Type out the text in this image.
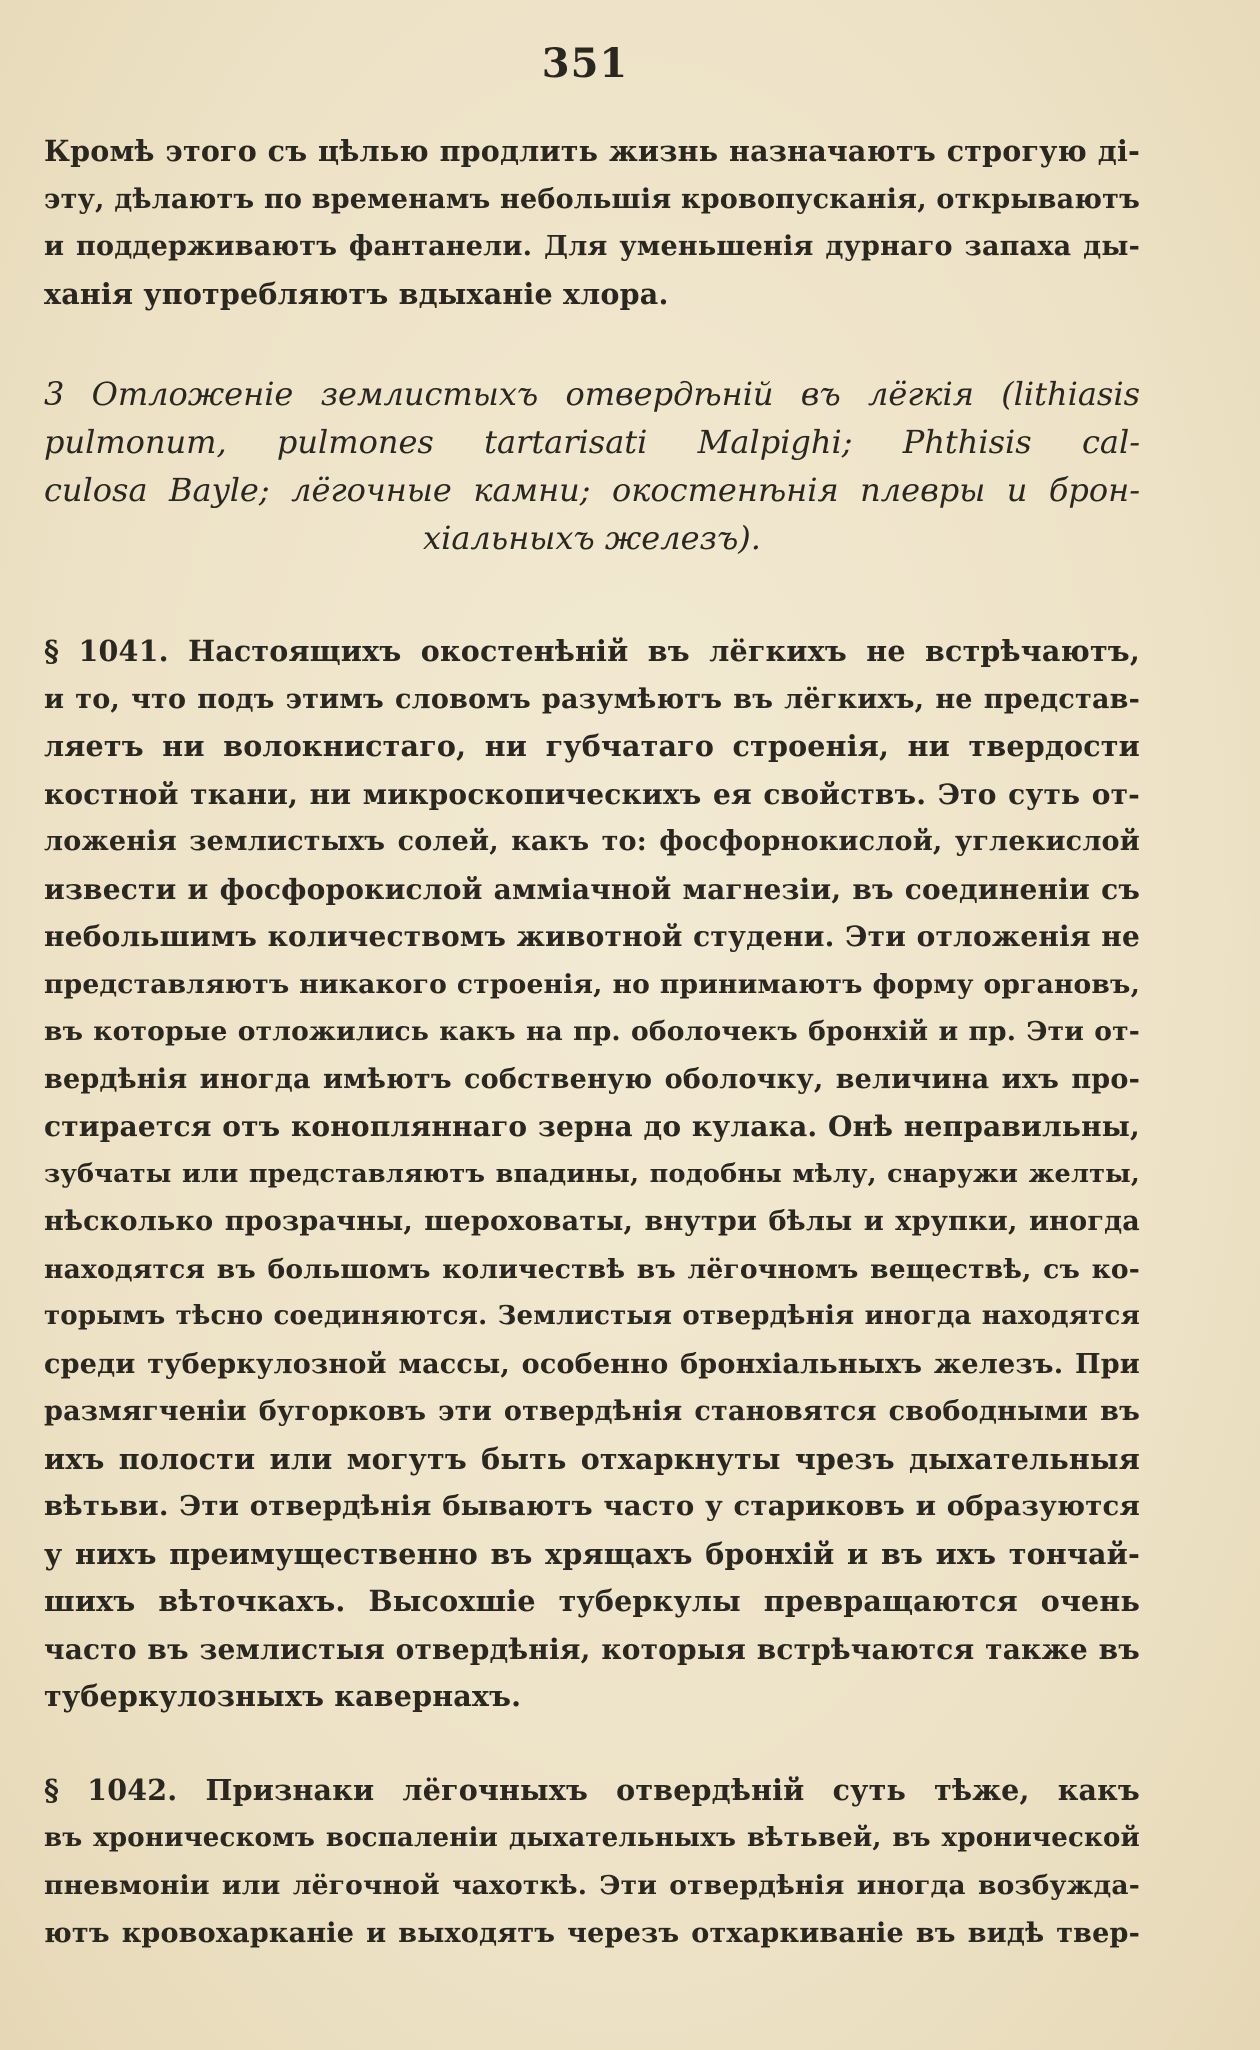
351
Кромѣ этого съ цѣлью продлить жизнь назначаютъ строгую ді-
эту, дѣлаютъ по временамъ небольшія кровопусканія, открываютъ
и поддерживаютъ фантанели. Для уменьшенія дурнаго запаха ды-
ханія употребляютъ вдыханіе хлора.
3 Отложеніе землистыхъ отвердѣній въ лёгкія (lithiasis
pulmonum, pulmones tartarisati Malpighi; Phthisis cal-
culosa Bayle; лёгочные камни; окостенѣнія плевры и брон-
хіальныхъ железъ).
§ 1041. Настоящихъ окостенѣній въ лёгкихъ не встрѣчаютъ,
и то, что подъ этимъ словомъ разумѣютъ въ лёгкихъ, не представ-
ляетъ ни волокнистаго, ни губчатаго строенія, ни твердости
костной ткани, ни микроскопическихъ ея свойствъ. Это суть от-
ложенія землистыхъ солей, какъ то: фосфорнокислой, углекислой
извести и фосфорокислой аммiачной магнезіи, въ соединеніи съ
небольшимъ количествомъ животной студени. Эти отложенія не
представляютъ никакого строенія, но принимаютъ форму органовъ,
въ которые отложились какъ на пр. оболочекъ бронхій и пр. Эти от-
вердѣнія иногда имѣютъ собственую оболочку, величина ихъ про-
стирается отъ конопляннаго зерна до кулака. Онѣ неправильны,
зубчаты или представляютъ впадины, подобны мѣлу, снаружи желты,
нѣсколько прозрачны, шероховаты, внутри бѣлы и хрупки, иногда
находятся въ большомъ количествѣ въ лёгочномъ веществѣ, съ ко-
торымъ тѣсно соединяются. Землистыя отвердѣнія иногда находятся
среди туберкулозной массы, особенно бронхіальныхъ железъ. При
размягченіи бугорковъ эти отвердѣнія становятся свободными въ
ихъ полости или могутъ быть отхаркнуты чрезъ дыхательныя
вѣтьви. Эти отвердѣнія бываютъ часто у стариковъ и образуются
у нихъ преимущественно въ хрящахъ бронхій и въ ихъ тончай-
шихъ вѣточкахъ. Высохшіе туберкулы превращаются очень
часто въ землистыя отвердѣнія, которыя встрѣчаются также въ
туберкулозныхъ кавернахъ.
§ 1042. Признаки лёгочныхъ отвердѣній суть тѣже, какъ
въ хроническомъ воспаленіи дыхательныхъ вѣтьвей, въ хронической
пневмоніи или лёгочной чахоткѣ. Эти отвердѣнія иногда возбужда-
ютъ кровохарканіе и выходятъ черезъ отхаркиваніе въ видѣ твер-
